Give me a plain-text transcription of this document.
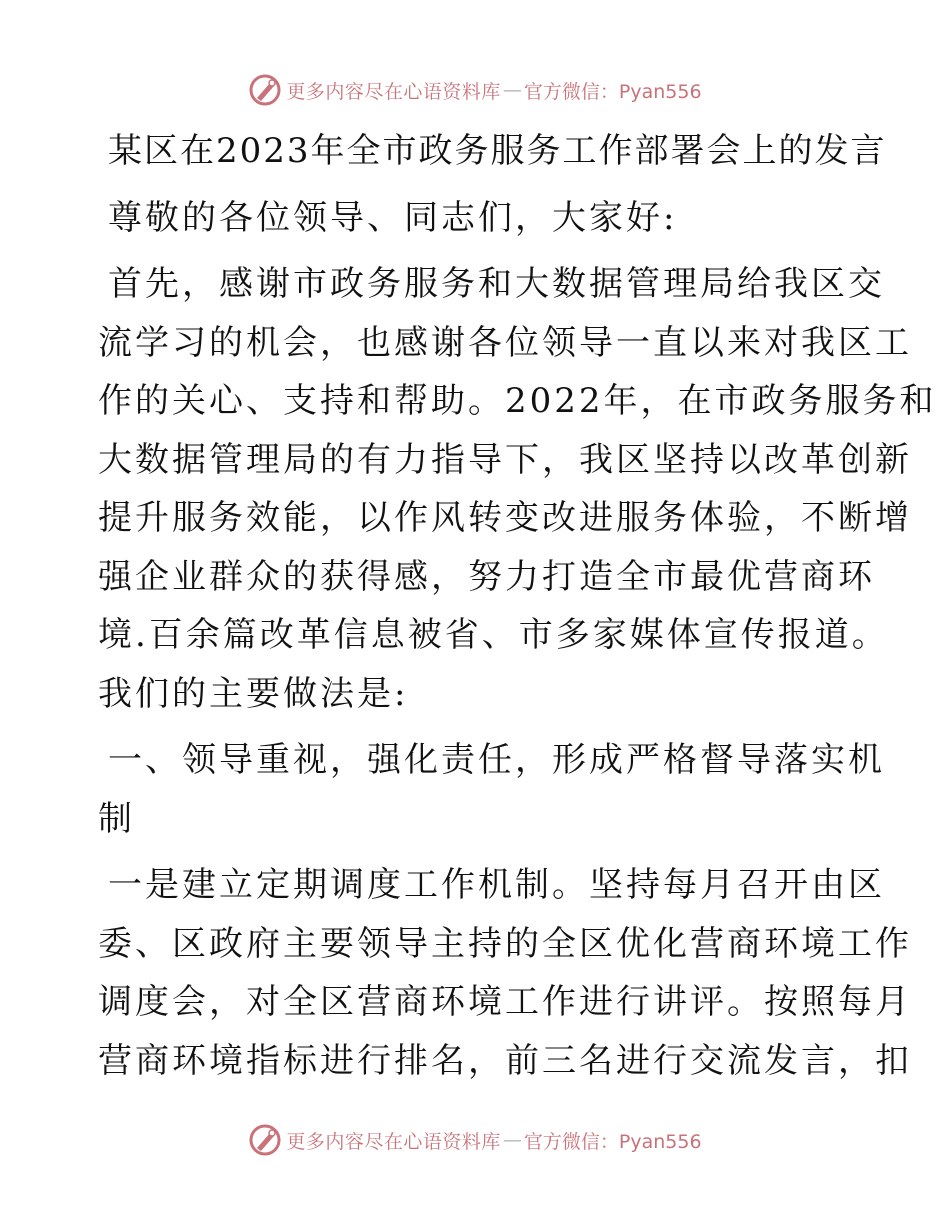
更多内容尽在心语资料库 — 官方微信：Pyan556
某区在2023年全市政务服务工作部署会上的发言
尊敬的各位领导、同志们，大家好:
首先，感谢市政务服务和大数据管理局给我区交
流学习的机会，也感谢各位领导一直以来对我区工
作的关心、支持和帮助。2022年，在市政务服务和
大数据管理局的有力指导下，我区坚持以改革创新
提升服务效能，以作风转变改进服务体验，不断增
强企业群众的获得感，努力打造全市最优营商环
境.百余篇改革信息被省、市多家媒体宣传报道。
我们的主要做法是:
一、领导重视，强化责任，形成严格督导落实机
制
一是建立定期调度工作机制。坚持每月召开由区
委、区政府主要领导主持的全区优化营商环境工作
调度会，对全区营商环境工作进行讲评。按照每月
营商环境指标进行排名，前三名进行交流发言，扣
更多内容尽在心语资料库 — 官方微信：Pyan556
